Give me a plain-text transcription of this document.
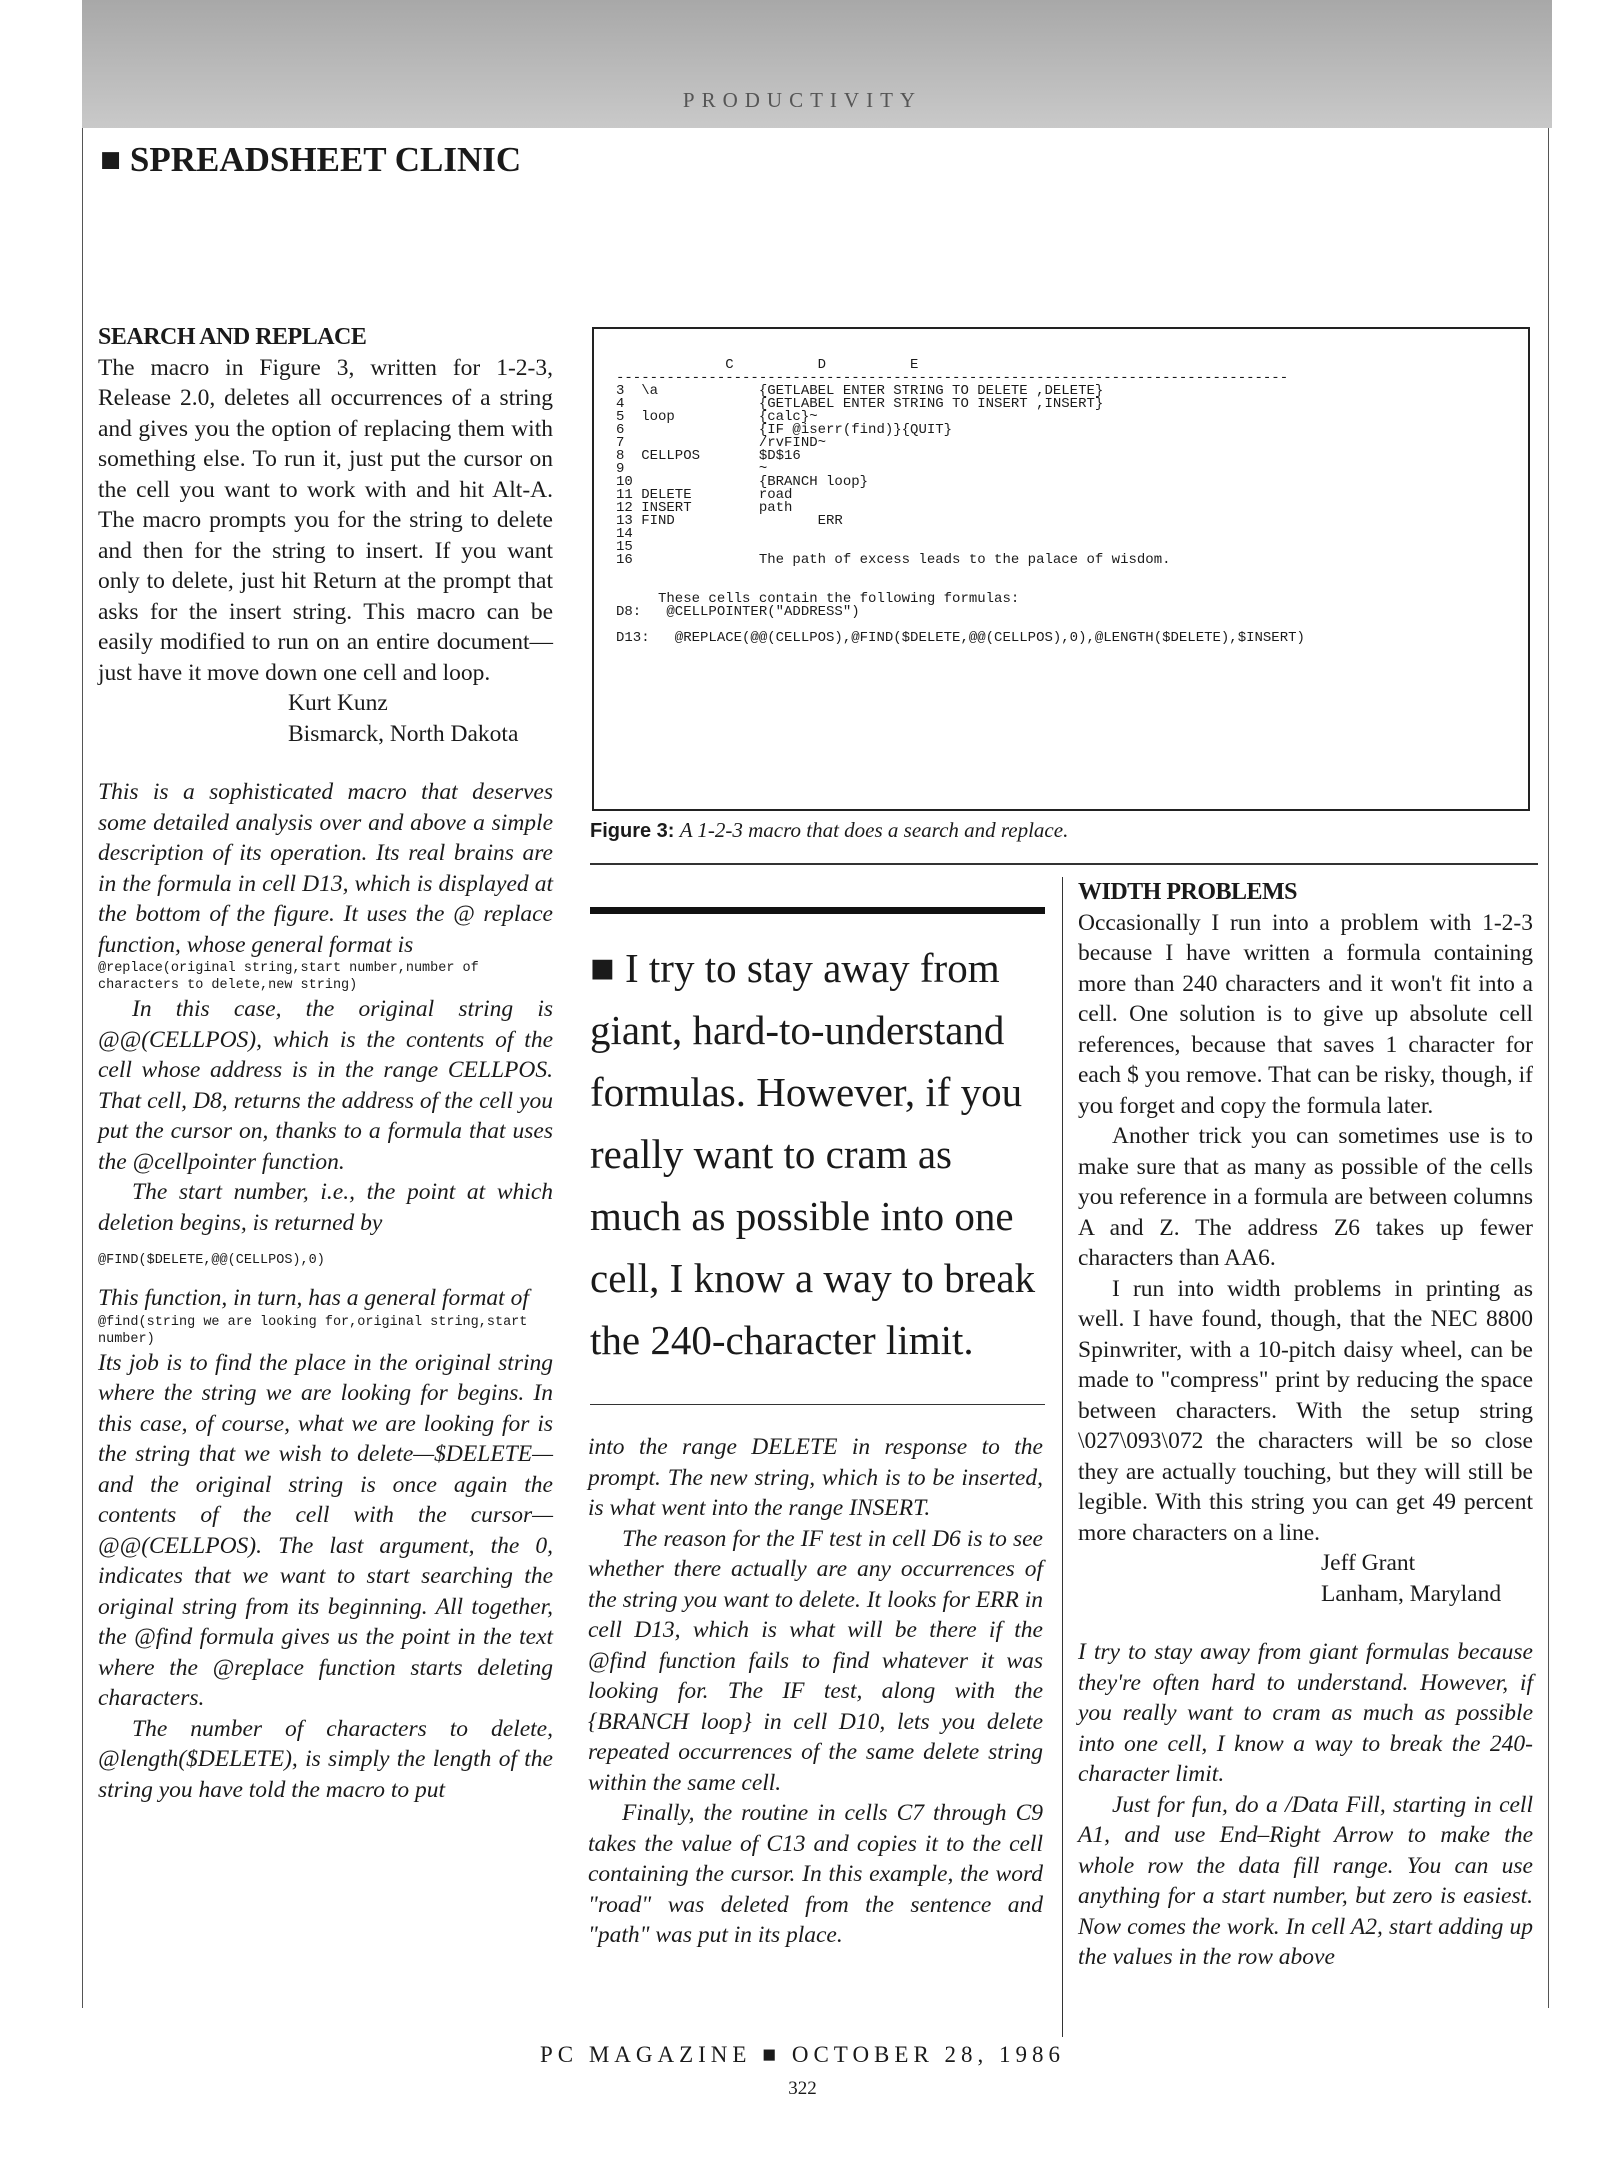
PRODUCTIVITY
■ SPREADSHEET CLINIC

SEARCH AND REPLACE

The macro in Figure 3, written for 1-2-3, Release 2.0, deletes all occurrences of a string and gives you the option of replacing them with something else. To run it, just put the cursor on the cell you want to work with and hit Alt-A. The macro prompts you for the string to delete and then for the string to insert. If you want only to delete, just hit Return at the prompt that asks for the insert string. This macro can be easily modified to run on an entire document—just have it move down one cell and loop.

Kurt Kunz

Bismarck, North Dakota

This is a sophisticated macro that deserves some detailed analysis over and above a simple description of its operation. Its real brains are in the formula in cell D13, which is displayed at the bottom of the figure. It uses the @ replace function, whose general format is

@replace(original string,start number,number of characters to delete,new string)

In this case, the original string is @@(CELLPOS), which is the contents of the cell whose address is in the range CELLPOS. That cell, D8, returns the address of the cell you put the cursor on, thanks to a formula that uses the @cellpointer function.

The start number, i.e., the point at which deletion begins, is returned by

@FIND($DELETE,@@(CELLPOS),0)

This function, in turn, has a general format of

@find(string we are looking for,original string,start number)

Its job is to find the place in the original string where the string we are looking for begins. In this case, of course, what we are looking for is the string that we wish to delete—$DELETE—and the original string is once again the contents of the cell with the cursor—@@(CELLPOS). The last argument, the 0, indicates that we want to start searching the original string from its beginning. All together, the @find formula gives us the point in the text where the @replace function starts deleting characters.

The number of characters to delete, @length($DELETE), is simply the length of the string you have told the macro to put

C          D          E
--------------------------------------------------------------------------------
3  \a            {GETLABEL ENTER STRING TO DELETE ,DELETE}
4                {GETLABEL ENTER STRING TO INSERT ,INSERT}
5  loop          {calc}~
6                {IF @iserr(find)}{QUIT}
7                /rvFIND~
8  CELLPOS       $D$16
9                ~
10               {BRANCH loop}
11 DELETE        road
12 INSERT        path
13 FIND                 ERR
14
15
16               The path of excess leads to the palace of wisdom.

These cells contain the following formulas:
D8:   @CELLPOINTER("ADDRESS")

D13:   @REPLACE(@@(CELLPOS),@FIND($DELETE,@@(CELLPOS),0),@LENGTH($DELETE),$INSERT)
Figure 3: A 1-2-3 macro that does a search and replace.
■ I try to stay away from giant, hard-to-understand formulas. However, if you really want to cram as much as possible into one cell, I know a way to break the 240-character limit.

into the range DELETE in response to the prompt. The new string, which is to be inserted, is what went into the range INSERT.

The reason for the IF test in cell D6 is to see whether there actually are any occurrences of the string you want to delete. It looks for ERR in cell D13, which is what will be there if the @find function fails to find whatever it was looking for. The IF test, along with the {BRANCH loop} in cell D10, lets you delete repeated occurrences of the same delete string within the same cell.

Finally, the routine in cells C7 through C9 takes the value of C13 and copies it to the cell containing the cursor. In this example, the word "road" was deleted from the sentence and "path" was put in its place.

WIDTH PROBLEMS

Occasionally I run into a problem with 1-2-3 because I have written a formula containing more than 240 characters and it won't fit into a cell. One solution is to give up absolute cell references, because that saves 1 character for each $ you remove. That can be risky, though, if you forget and copy the formula later.

Another trick you can sometimes use is to make sure that as many as possible of the cells you reference in a formula are between columns A and Z. The address Z6 takes up fewer characters than AA6.

I run into width problems in printing as well. I have found, though, that the NEC 8800 Spinwriter, with a 10-pitch daisy wheel, can be made to "compress" print by reducing the space between characters. With the setup string \027\093\072 the characters will be so close they are actually touching, but they will still be legible. With this string you can get 49 percent more characters on a line.

Jeff Grant

Lanham, Maryland

I try to stay away from giant formulas because they're often hard to understand. However, if you really want to cram as much as possible into one cell, I know a way to break the 240-character limit.

Just for fun, do a /Data Fill, starting in cell A1, and use End–Right Arrow to make the whole row the data fill range. You can use anything for a start number, but zero is easiest. Now comes the work. In cell A2, start adding up the values in the row above

PC MAGAZINE ■ OCTOBER 28, 1986
322
